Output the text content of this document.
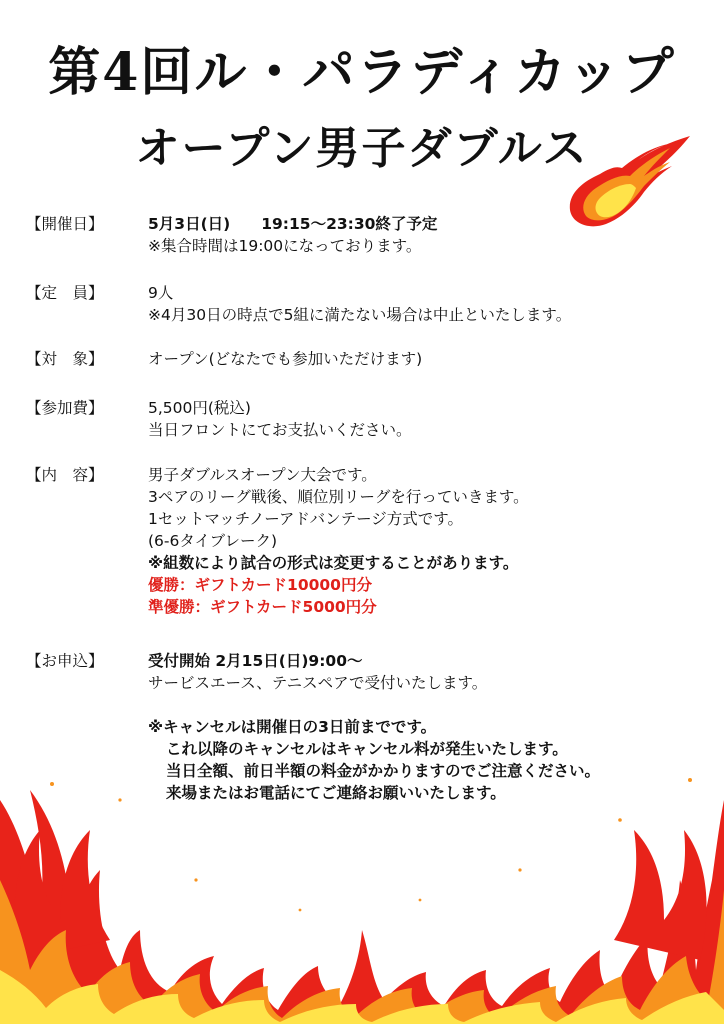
第4回ル・パラディカップ
オープン男子ダブルス
【開催日】	5月3日(日)　　19:15〜23:30終了予定
※集合時間は19:00になっております。
【定　員】	9人
※4月30日の時点で5組に満たない場合は中止といたします。
【対　象】	オープン(どなたでも参加いただけます)
【参加費】	5,500円(税込)
当日フロントにてお支払いください。
【内　容】	男子ダブルスオープン大会です。
3ペアのリーグ戦後、順位別リーグを行っていきます。
1セットマッチノーアドバンテージ方式です。
(6-6タイブレーク)
※組数により試合の形式は変更することがあります。
優勝：ギフトカード10000円分
準優勝：ギフトカード5000円分
【お申込】	受付開始 2月15日(日)9:00〜
サービスエース、テニスペアで受付いたします。
※キャンセルは開催日の3日前までです。
これ以降のキャンセルはキャンセル料が発生いたします。
当日全額、前日半額の料金がかかりますのでご注意ください。
来場またはお電話にてご連絡お願いいたします。
